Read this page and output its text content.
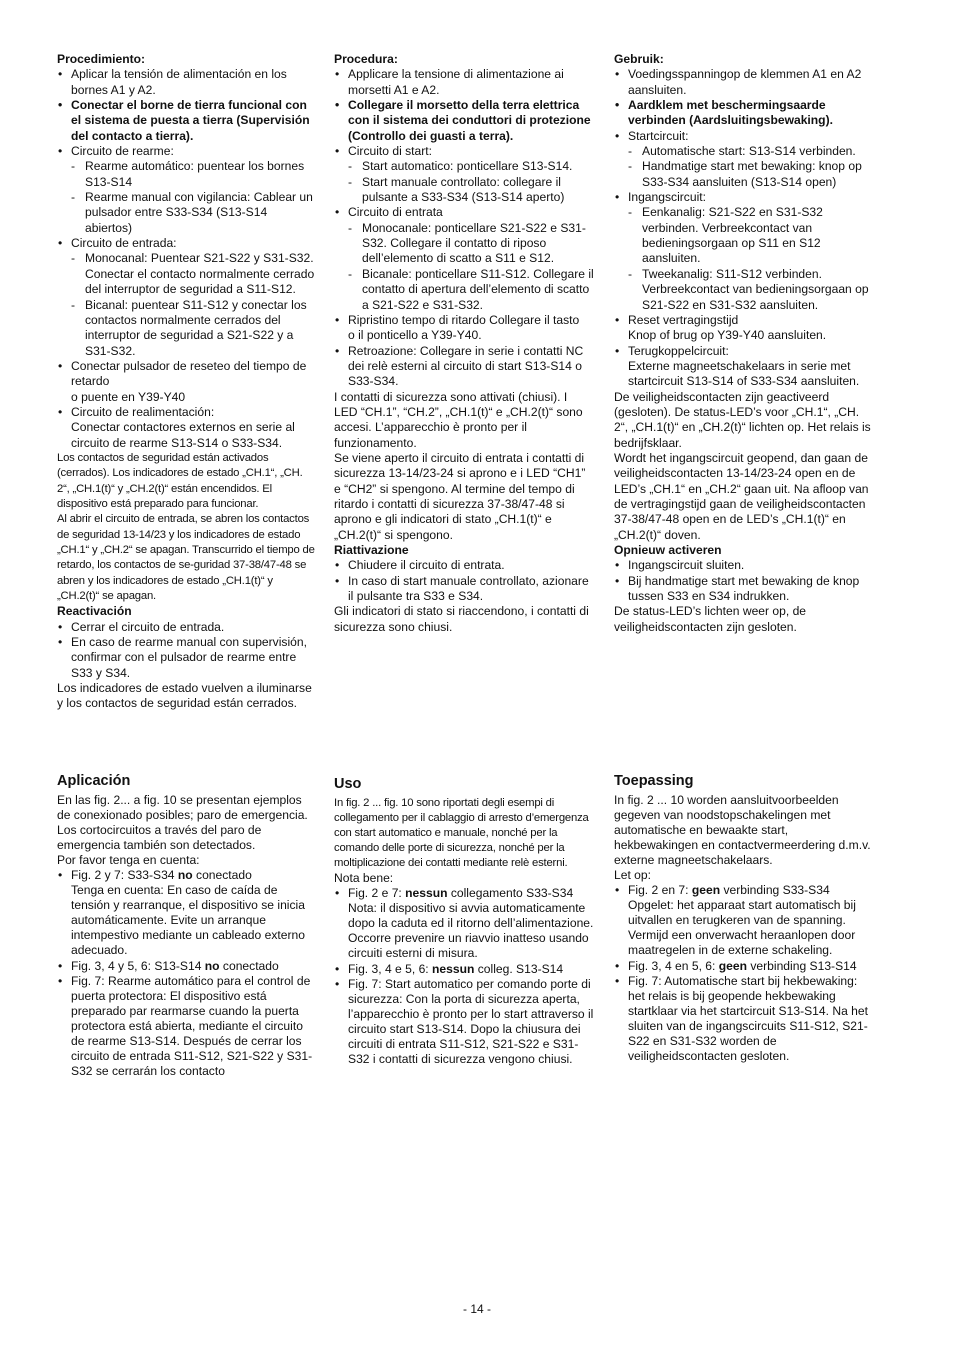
Procedimiento:
• Aplicar la tensión de alimentación en los bornes A1 y A2.
• Conectar el borne de tierra funcional con el sistema de puesta a tierra (Supervisión del contacto a tierra).
• Circuito de rearme:
- Rearme automático: puentear los bornes S13-S14
- Rearme manual con vigilancia: Cablear un pulsador entre S33-S34 (S13-S14 abiertos)
• Circuito de entrada:
- Monocanal: Puentear S21-S22 y S31-S32. Conectar el contacto normalmente cerrado del interruptor de seguridad a S11-S12.
- Bicanal: puentear S11-S12 y conectar los contactos normalmente cerrados del interruptor de seguridad a S21-S22 y a S31-S32.
• Conectar pulsador de reseteo del tiempo de retardo
o puente en Y39-Y40
• Circuito de realimentación:
Conectar contactores externos en serie al circuito de rearme S13-S14 o S33-S34.
Los contactos de seguridad están activados (cerrados). Los indicadores de estado „CH.1“, „CH. 2“, „CH.1(t)“ y „CH.2(t)“ están encendidos. El dispositivo está preparado para funcionar.
Al abrir el circuito de entrada, se abren los contactos de seguridad 13-14/23 y los indicadores de estado „CH.1“ y „CH.2“ se apagan. Transcurrido el tiempo de retardo, los contactos de se-guridad 37-38/47-48 se abren y los indicadores de estado „CH.1(t)“ y „CH.2(t)“ se apagan.
Reactivación
• Cerrar el circuito de entrada.
• En caso de rearme manual con supervisión, confirmar con el pulsador de rearme entre S33 y S34.
Los indicadores de estado vuelven a iluminarse y los contactos de seguridad están cerrados.
Procedura:
• Applicare la tensione di alimentazione ai morsetti A1 e A2.
• Collegare il morsetto della terra elettrica con il sistema dei conduttori di protezione (Controllo dei guasti a terra).
• Circuito di start:
- Start automatico: ponticellare S13-S14.
- Start manuale controllato: collegare il pulsante a S33-S34 (S13-S14 aperto)
• Circuito di entrata
- Monocanale: ponticellare S21-S22 e S31-S32. Collegare il contatto di riposo dell’elemento di scatto a S11 e S12.
- Bicanale: ponticellare S11-S12. Collegare il contatto di apertura dell’elemento di scatto a S21-S22 e S31-S32.
• Ripristino tempo di ritardo Collegare il tasto
o il ponticello a Y39-Y40.
• Retroazione: Collegare in serie i contatti NC dei relè esterni al circuito di start S13-S14 o S33-S34.
I contatti di sicurezza sono attivati (chiusi). I LED “CH.1”, “CH.2”, „CH.1(t)“ e „CH.2(t)“ sono accesi. L’apparecchio è pronto per il funzionamento.
Se viene aperto il circuito di entrata i contatti di sicurezza 13-14/23-24 si aprono e i LED “CH1” e “CH2” si spengono. Al termine del tempo di ritardo i contatti di sicurezza 37-38/47-48 si aprono e gli indicatori di stato „CH.1(t)“ e „CH.2(t)“ si spengono.
Riattivazione
• Chiudere il circuito di entrata.
• In caso di start manuale controllato, azionare il pulsante tra S33 e S34.
Gli indicatori di stato si riaccendono, i contatti di sicurezza sono chiusi.
Gebruik:
• Voedingsspanningop de klemmen A1 en A2 aansluiten.
• Aardklem met beschermingsaarde verbinden (Aardsluitingsbewaking).
• Startcircuit:
- Automatische start: S13-S14 verbinden.
- Handmatige start met bewaking: knop op S33-S34 aansluiten (S13-S14 open)
• Ingangscircuit:
- Eenkanalig: S21-S22 en S31-S32 verbinden. Verbreekcontact van bedieningsorgaan op S11 en S12 aansluiten.
- Tweekanalig: S11-S12 verbinden. Verbreekcontact van bedieningsorgaan op S21-S22 en S31-S32 aansluiten.
• Reset vertragingstijd
Knop of brug op Y39-Y40 aansluiten.
• Terugkoppelcircuit:
Externe magneetschakelaars in serie met startcircuit S13-S14 of S33-S34 aansluiten.
De veiligheidscontacten zijn geactiveerd (gesloten). De status-LED’s voor „CH.1“, „CH. 2“, „CH.1(t)“ en „CH.2(t)“ lichten op. Het relais is bedrijfsklaar.
Wordt het ingangscircuit geopend, dan gaan de veiligheidscontacten 13-14/23-24 open en de LED’s „CH.1“ en „CH.2“ gaan uit. Na afloop van de vertragingstijd gaan de veiligheidscontacten 37-38/47-48 open en de LED’s „CH.1(t)“ en „CH.2(t)“ doven.
Opnieuw activeren
• Ingangscircuit sluiten.
• Bij handmatige start met bewaking de knop tussen S33 en S34 indrukken.
De status-LED’s lichten weer op, de veiligheidscontacten zijn gesloten.
Aplicación	Uso	Toepassing
En las fig. 2... a fig. 10 se presentan ejemplos de conexionado posibles; paro de emergencia. Los cortocircuitos a través del paro de emergencia también son detectados.
Por favor tenga en cuenta:
• Fig. 2 y 7: S33-S34 no conectado
Tenga en cuenta: En caso de caída de tensión y rearranque, el dispositivo se inicia automáticamente. Evite un arranque intempestivo mediante un cableado externo adecuado.
• Fig. 3, 4 y 5, 6: S13-S14 no conectado
• Fig. 7: Rearme automático para el control de puerta protectora: El dispositivo está preparado par rearmarse cuando la puerta protectora está abierta, mediante el circuito de rearme S13-S14. Después de cerrar los circuito de entrada S11-S12, S21-S22 y S31-S32 se cerrarán los contacto
In fig. 2 ... fig. 10 sono riportati degli esempi di collegamento per il cablaggio di arresto d’emergenza con start automatico e manuale, nonché per la comando delle porte di sicurezza, nonché per la moltiplicazione dei contatti mediante relè esterni.
Nota bene:
• Fig. 2 e 7: nessun collegamento S33-S34
Nota: il dispositivo si avvia automaticamente dopo la caduta ed il ritorno dell’alimentazione. Occorre prevenire un riavvio inatteso usando circuiti esterni di misura.
• Fig. 3, 4 e 5, 6: nessun colleg. S13-S14
• Fig. 7: Start automatico per comando porte di sicurezza: Con la porta di sicurezza aperta, l’apparecchio è pronto per lo start attraverso il circuito start S13-S14. Dopo la chiusura dei circuiti di entrata S11-S12, S21-S22 e S31-S32 i contatti di sicurezza vengono chiusi.
In fig. 2 ... 10 worden aansluitvoorbeelden gegeven van noodstopschakelingen met automatische en bewaakte start, hekbewakingen en contactvermeerdering d.m.v. externe magneetschakelaars.
Let op:
• Fig. 2 en 7: geen verbinding S33-S34
Opgelet: het apparaat start automatisch bij uitvallen en terugkeren van de spanning. Vermijd een onverwacht heraanlopen door maatregelen in de externe schakeling.
• Fig. 3, 4 en 5, 6: geen verbinding S13-S14
• Fig. 7: Automatische start bij hekbewaking: het relais is bij geopende hekbewaking startklaar via het startcircuit S13-S14. Na het sluiten van de ingangscircuits S11-S12, S21-S22 en S31-S32 worden de veiligheidscontacten gesloten.
- 14 -
